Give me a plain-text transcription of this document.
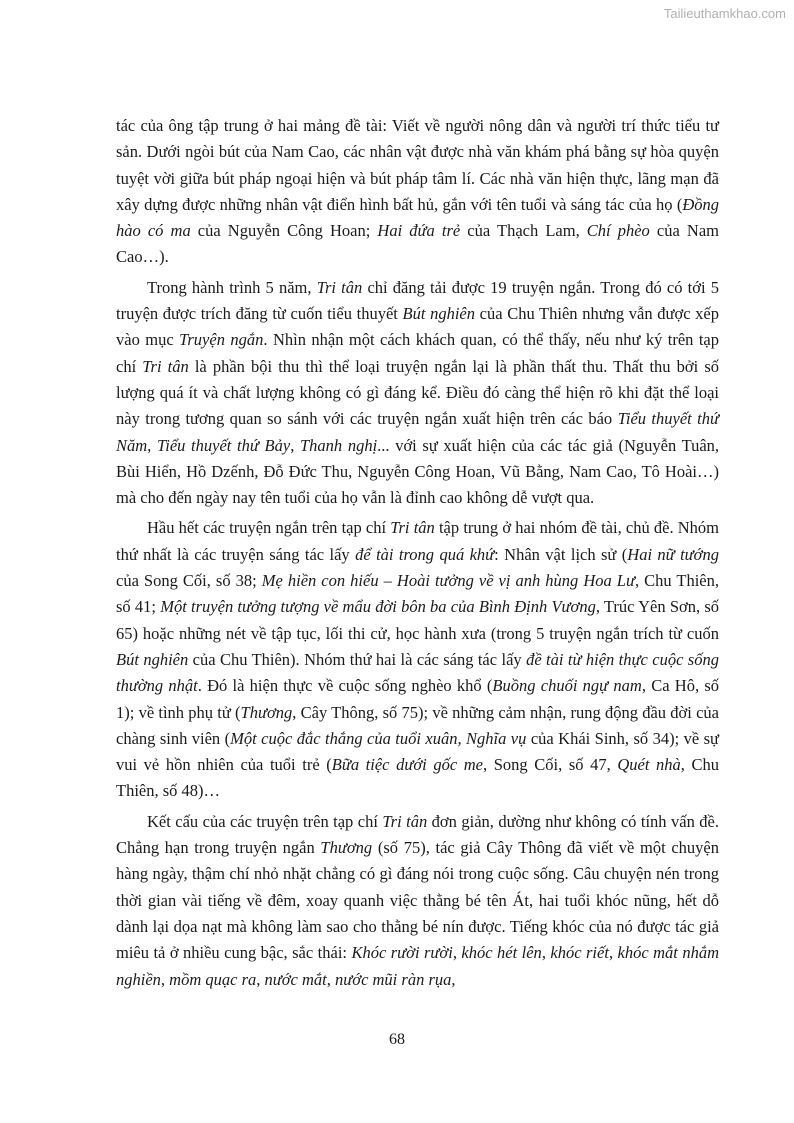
Tailieuthamkhao.com

tác của ông tập trung ở hai mảng đề tài: Viết về người nông dân và người trí thức tiểu tư sản. Dưới ngòi bút của Nam Cao, các nhân vật được nhà văn khám phá bằng sự hòa quyện tuyệt vời giữa bút pháp ngoại hiện và bút pháp tâm lí. Các nhà văn hiện thực, lãng mạn đã xây dựng được những nhân vật điển hình bất hủ, gắn với tên tuổi và sáng tác của họ (Đồng hào có ma của Nguyễn Công Hoan; Hai đứa trẻ của Thạch Lam, Chí phèo của Nam Cao…).

Trong hành trình 5 năm, Tri tân chỉ đăng tải được 19 truyện ngắn. Trong đó có tới 5 truyện được trích đăng từ cuốn tiểu thuyết Bút nghiên của Chu Thiên nhưng vẫn được xếp vào mục Truyện ngắn. Nhìn nhận một cách khách quan, có thể thấy, nếu như ký trên tạp chí Tri tân là phần bội thu thì thể loại truyện ngắn lại là phần thất thu. Thất thu bởi số lượng quá ít và chất lượng không có gì đáng kể. Điều đó càng thể hiện rõ khi đặt thể loại này trong tương quan so sánh với các truyện ngắn xuất hiện trên các báo Tiểu thuyết thứ Năm, Tiểu thuyết thứ Bảy, Thanh nghị... với sự xuất hiện của các tác giả (Nguyễn Tuân, Bùi Hiển, Hồ Dzếnh, Đỗ Đức Thu, Nguyễn Công Hoan, Vũ Bằng, Nam Cao, Tô Hoài…) mà cho đến ngày nay tên tuổi của họ vẫn là đỉnh cao không dễ vượt qua.

Hầu hết các truyện ngắn trên tạp chí Tri tân tập trung ở hai nhóm đề tài, chủ đề. Nhóm thứ nhất là các truyện sáng tác lấy để tài trong quá khứ: Nhân vật lịch sử (Hai nữ tướng của Song Cối, số 38; Mẹ hiền con hiếu – Hoài tưởng về vị anh hùng Hoa Lư, Chu Thiên, số 41; Một truyện tưởng tượng về mẩu đời bôn ba của Bình Định Vương, Trúc Yên Sơn, số 65) hoặc những nét về tập tục, lối thi cử, học hành xưa (trong 5 truyện ngắn trích từ cuốn Bút nghiên của Chu Thiên). Nhóm thứ hai là các sáng tác lấy đề tài từ hiện thực cuộc sống thường nhật. Đó là hiện thực về cuộc sống nghèo khổ (Buồng chuối ngự nam, Ca Hô, số 1); về tình phụ tử (Thương, Cây Thông, số 75); về những cảm nhận, rung động đầu đời của chàng sinh viên (Một cuộc đắc thắng của tuổi xuân, Nghĩa vụ của Khái Sinh, số 34); về sự vui vẻ hồn nhiên của tuổi trẻ (Bữa tiệc dưới gốc me, Song Cối, số 47, Quét nhà, Chu Thiên, số 48)…

Kết cấu của các truyện trên tạp chí Tri tân đơn giản, dường như không có tính vấn đề. Chẳng hạn trong truyện ngắn Thương (số 75), tác giả Cây Thông đã viết về một chuyện hàng ngày, thậm chí nhỏ nhặt chẳng có gì đáng nói trong cuộc sống. Câu chuyện nén trong thời gian vài tiếng về đêm, xoay quanh việc thằng bé tên Át, hai tuổi khóc nũng, hết dỗ dành lại dọa nạt mà không làm sao cho thằng bé nín được. Tiếng khóc của nó được tác giả miêu tả ở nhiều cung bậc, sắc thái: Khóc rười rười, khóc hét lên, khóc riết, khóc mắt nhắm nghiền, mồm quạc ra, nước mắt, nước mũi ràn rụa,

68
